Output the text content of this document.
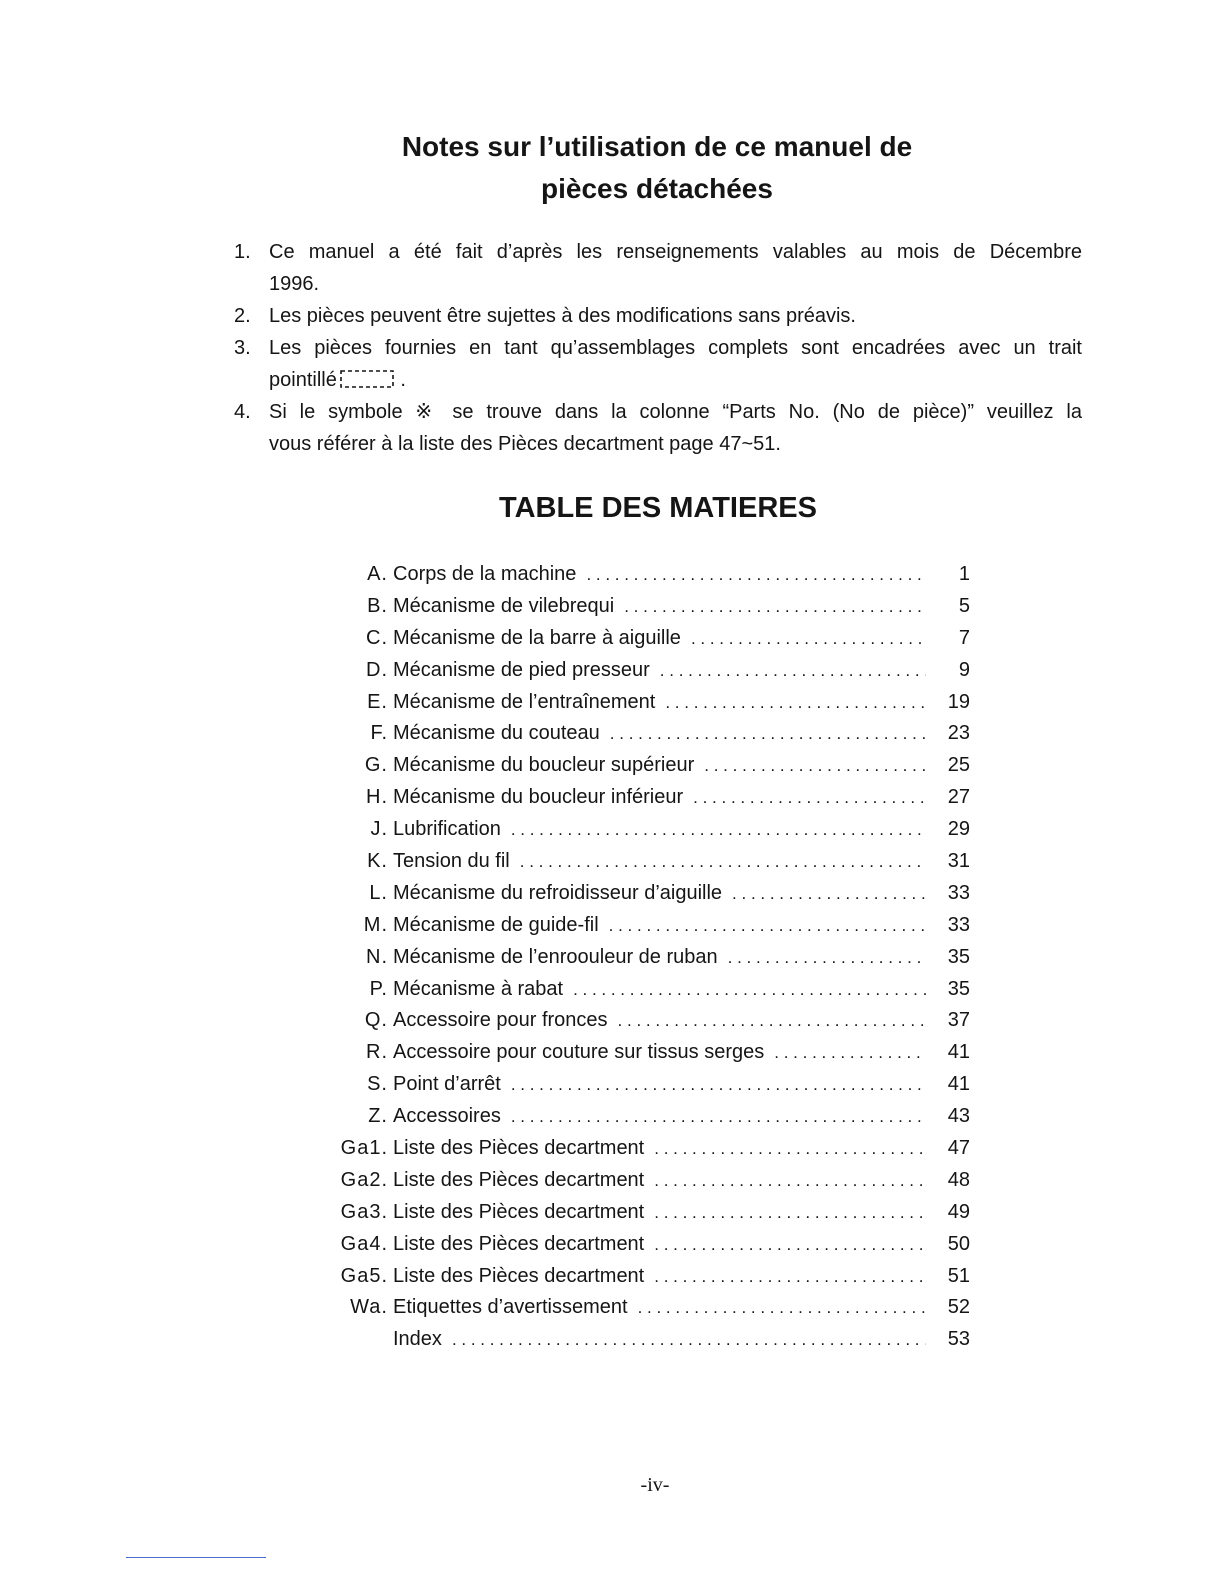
Notes sur l’utilisation de ce manuel de
pièces détachées
1. Ce manuel a été fait d’après les renseignements valables au mois de Décembre
1996.
2. Les pièces peuvent être sujettes à des modifications sans préavis.
3. Les pièces fournies en tant qu’assemblages complets sont encadrées avec un trait
pointillé	.
4. Si le symbole ※ se trouve dans la colonne “Parts No. (No de pièce)” veuillez la
vous référer à la liste des Pièces decartment page 47~51.
TABLE DES MATIERES
A. Corps de la machine . . .	1
B. Mécanisme de vilebrequi . . .	5
C. Mécanisme de la barre à aiguille . . .	7
D. Mécanisme de pied presseur . . .	9
E. Mécanisme de l’entraînement . . .	19
F. Mécanisme du couteau . . .	23
G. Mécanisme du boucleur supérieur . . .	25
H. Mécanisme du boucleur inférieur . . .	27
J. Lubrification . . .	29
K. Tension du fil . . .	31
L. Mécanisme du refroidisseur d’aiguille . . .	33
M. Mécanisme de guide-fil . . .	33
N. Mécanisme de l’enroouleur de ruban . . .	35
P. Mécanisme à rabat . . .	35
Q. Accessoire pour fronces . . .	37
R. Accessoire pour couture sur tissus serges . . .	41
S. Point d’arrêt . . .	41
Z. Accessoires . . .	43
Ga1. Liste des Pièces decartment . . .	47
Ga2. Liste des Pièces decartment . . .	48
Ga3. Liste des Pièces decartment . . .	49
Ga4. Liste des Pièces decartment . . .	50
Ga5. Liste des Pièces decartment . . .	51
Wa. Etiquettes d’avertissement . . .	52
Index . . .	53
-iv-
